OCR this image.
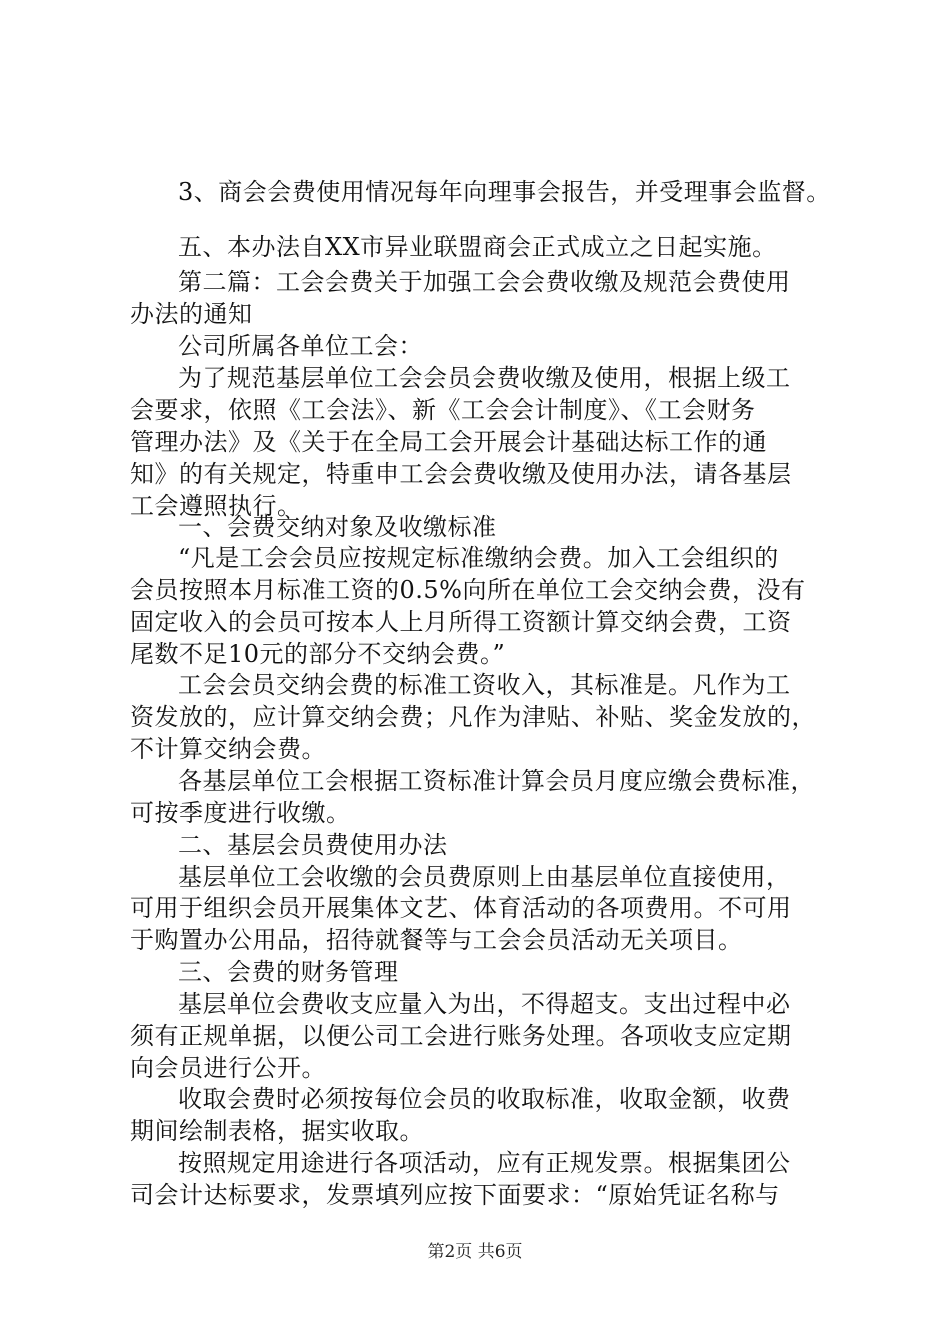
3、商会会费使用情况每年向理事会报告，并受理事会监督。
五、本办法自XX市异业联盟商会正式成立之日起实施。
第二篇：工会会费关于加强工会会费收缴及规范会费使用
办法的通知
公司所属各单位工会：
为了规范基层单位工会会员会费收缴及使用，根据上级工
会要求，依照《工会法》、新《工会会计制度》、《工会财务
管理办法》及《关于在全局工会开展会计基础达标工作的通
知》的有关规定，特重申工会会费收缴及使用办法，请各基层
工会遵照执行。
一、会费交纳对象及收缴标准
“凡是工会会员应按规定标准缴纳会费。加入工会组织的
会员按照本月标准工资的0.5%向所在单位工会交纳会费，没有
固定收入的会员可按本人上月所得工资额计算交纳会费，工资
尾数不足10元的部分不交纳会费。”
工会会员交纳会费的标准工资收入，其标准是。凡作为工
资发放的，应计算交纳会费；凡作为津贴、补贴、奖金发放的，
不计算交纳会费。
各基层单位工会根据工资标准计算会员月度应缴会费标准，
可按季度进行收缴。
二、基层会员费使用办法
基层单位工会收缴的会员费原则上由基层单位直接使用，
可用于组织会员开展集体文艺、体育活动的各项费用。不可用
于购置办公用品，招待就餐等与工会会员活动无关项目。
三、会费的财务管理
基层单位会费收支应量入为出，不得超支。支出过程中必
须有正规单据，以便公司工会进行账务处理。各项收支应定期
向会员进行公开。
收取会费时必须按每位会员的收取标准，收取金额，收费
期间绘制表格，据实收取。
按照规定用途进行各项活动，应有正规发票。根据集团公
司会计达标要求，发票填列应按下面要求：“原始凭证名称与
第2页 共6页
